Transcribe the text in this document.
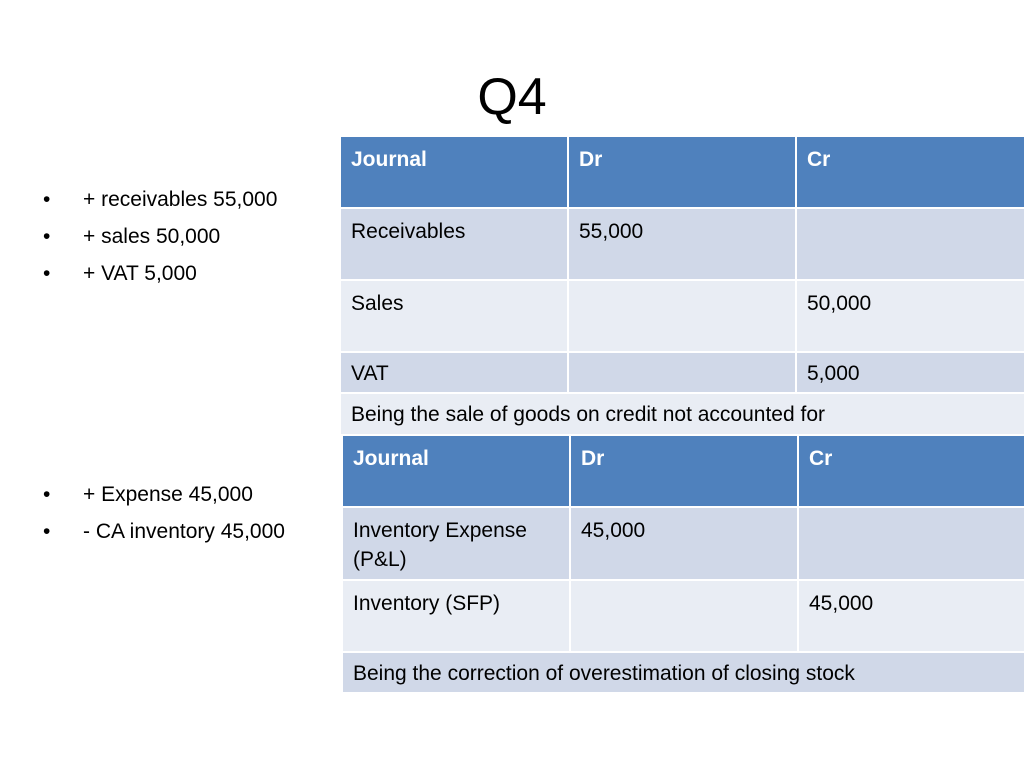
Q4
• + receivables 55,000
• + sales 50,000
• + VAT 5,000
• + Expense 45,000
• - CA inventory 45,000
Journal	Dr	Cr
Receivables	55,000	
Sales		50,000
VAT		5,000
Being the sale of goods on credit not accounted for		
Journal	Dr	Cr
Inventory Expense (P&L)	45,000	
Inventory (SFP)		45,000
Being the correction of overestimation of closing stock		
